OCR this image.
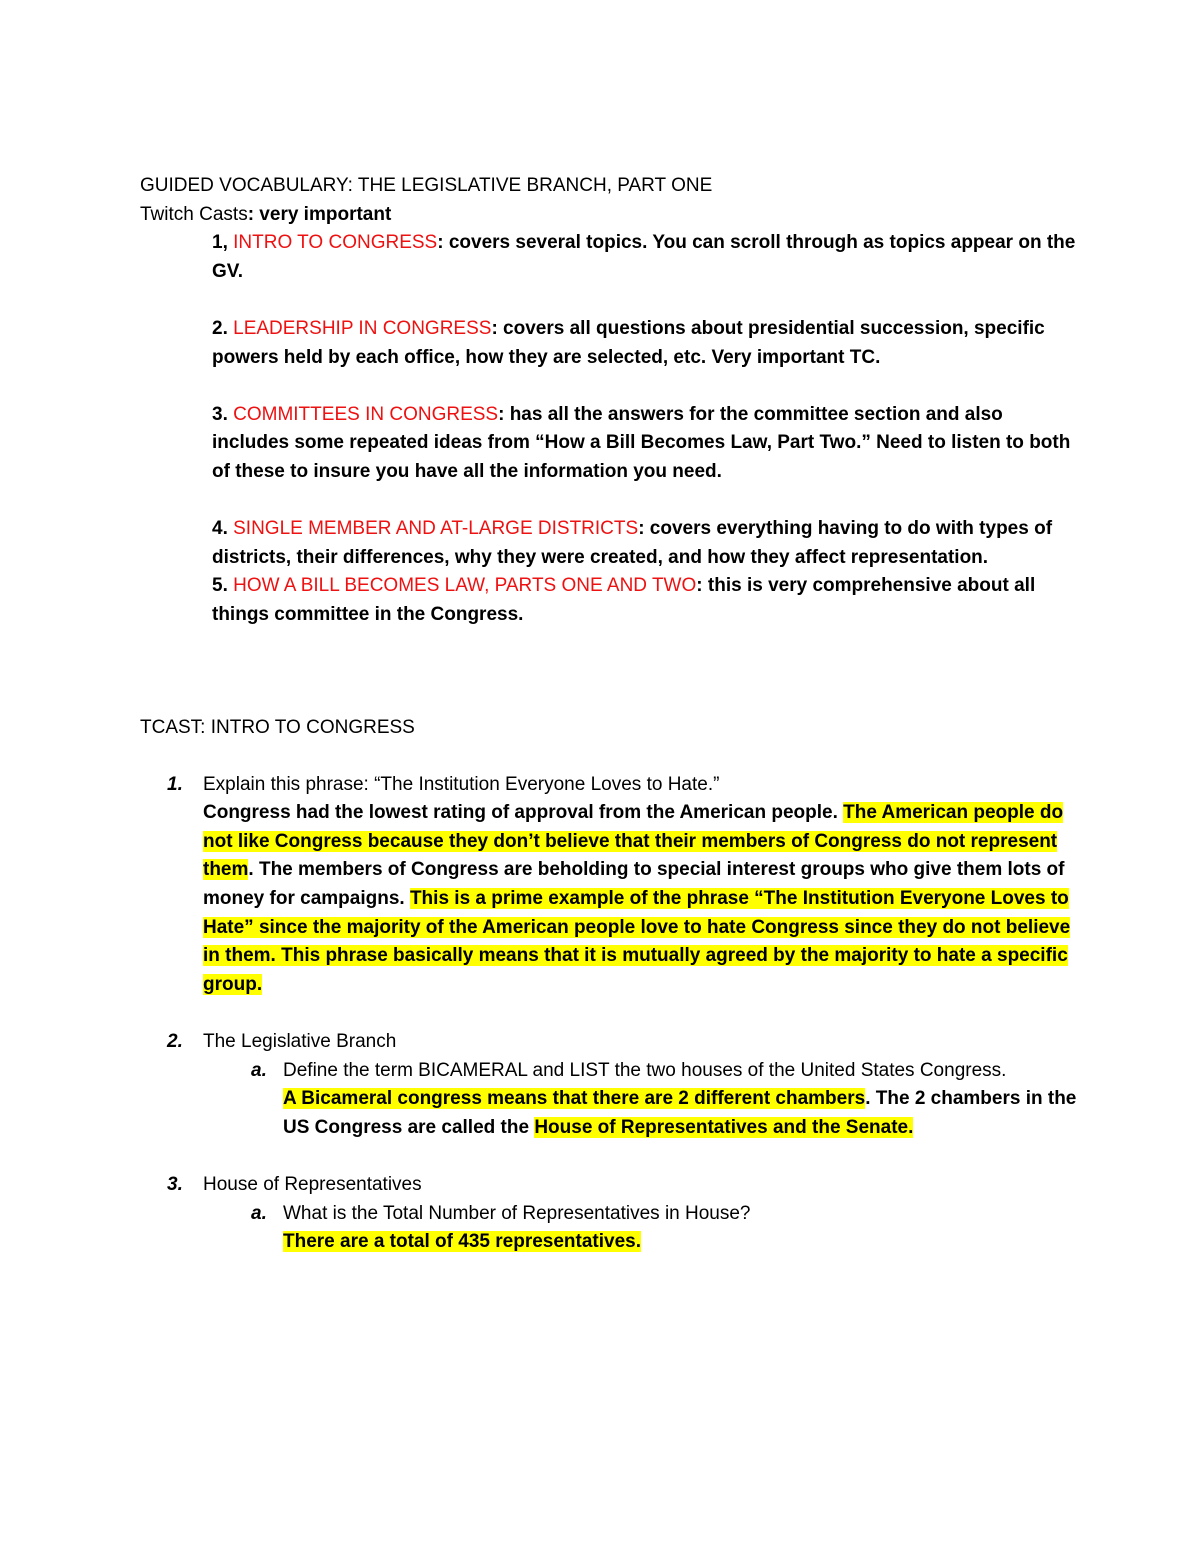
GUIDED VOCABULARY: THE LEGISLATIVE BRANCH, PART ONE

Twitch Casts: very important

1, INTRO TO CONGRESS: covers several topics. You can scroll through as topics appear on the GV.

2. LEADERSHIP IN CONGRESS: covers all questions about presidential succession, specific powers held by each office, how they are selected, etc. Very important TC.

3. COMMITTEES IN CONGRESS: has all the answers for the committee section and also includes some repeated ideas from “How a Bill Becomes Law, Part Two.” Need to listen to both of these to insure you have all the information you need.

4. SINGLE MEMBER AND AT-LARGE DISTRICTS: covers everything having to do with types of districts, their differences, why they were created, and how they affect representation.

5. HOW A BILL BECOMES LAW, PARTS ONE AND TWO: this is very comprehensive about all things committee in the Congress.

TCAST: INTRO TO CONGRESS

1. Explain this phrase: “The Institution Everyone Loves to Hate.”

Congress had the lowest rating of approval from the American people. The American people do not like Congress because they don’t believe that their members of Congress do not represent them. The members of Congress are beholding to special interest groups who give them lots of money for campaigns. This is a prime example of the phrase “The Institution Everyone Loves to Hate” since the majority of the American people love to hate Congress since they do not believe in them. This phrase basically means that it is mutually agreed by the majority to hate a specific group.

2. The Legislative Branch

a. Define the term BICAMERAL and LIST the two houses of the United States Congress.

A Bicameral congress means that there are 2 different chambers. The 2 chambers in the US Congress are called the House of Representatives and the Senate.

3. House of Representatives

a. What is the Total Number of Representatives in House?

There are a total of 435 representatives.
